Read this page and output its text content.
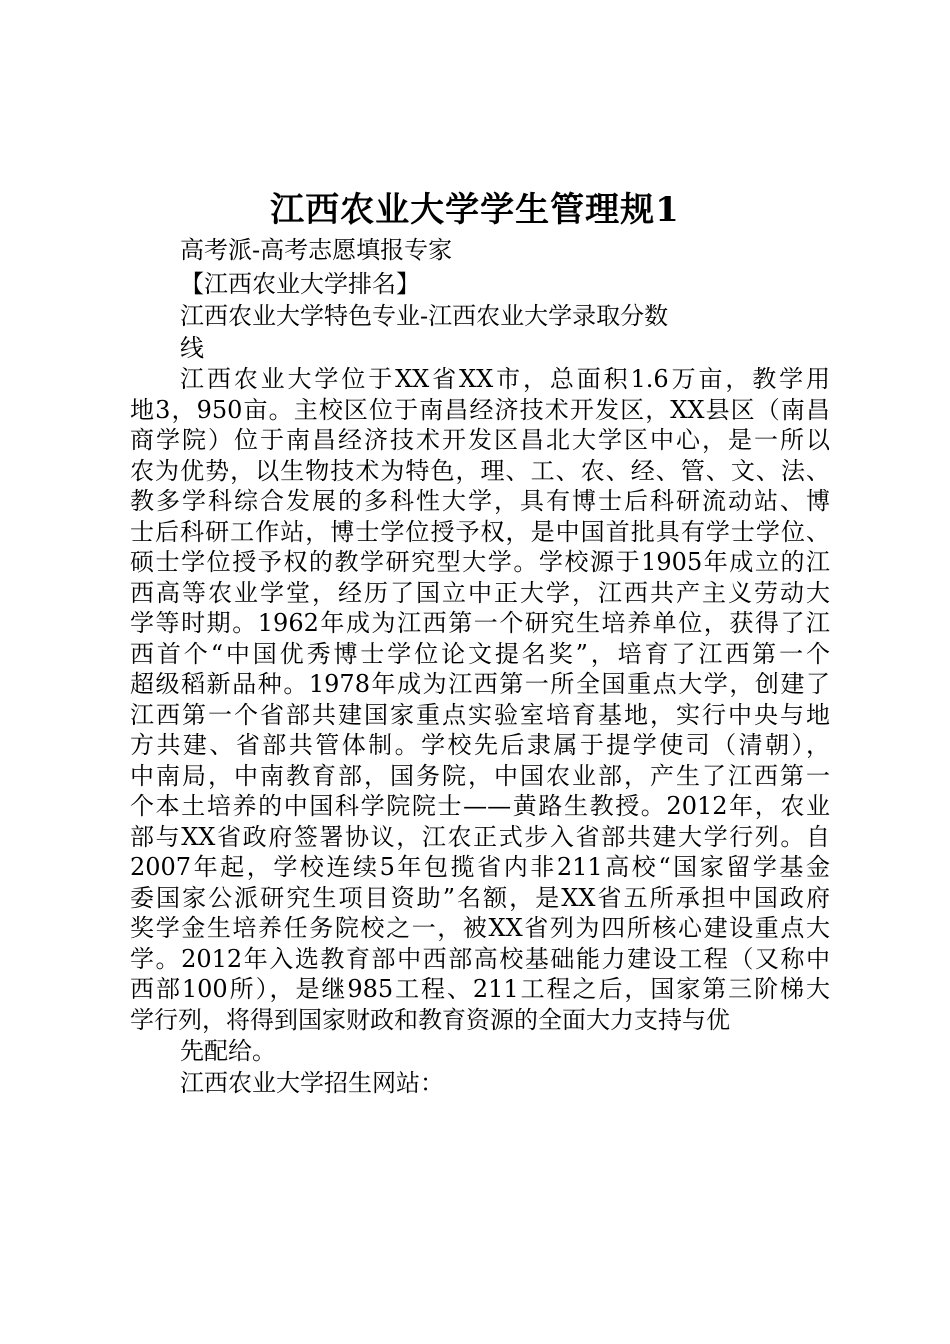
江西农业大学学生管理规1
高考派-高考志愿填报专家
【江西农业大学排名】
江西农业大学特色专业-江西农业大学录取分数
线
江西农业大学位于XX省XX市，总面积1.6万亩，教学用
地3，950亩。主校区位于南昌经济技术开发区，XX县区（南昌
商学院）位于南昌经济技术开发区昌北大学区中心，是一所以
农为优势，以生物技术为特色，理、工、农、经、管、文、法、
教多学科综合发展的多科性大学，具有博士后科研流动站、博
士后科研工作站，博士学位授予权，是中国首批具有学士学位、
硕士学位授予权的教学研究型大学。学校源于1905年成立的江
西高等农业学堂，经历了国立中正大学，江西共产主义劳动大
学等时期。1962年成为江西第一个研究生培养单位，获得了江
西首个“中国优秀博士学位论文提名奖”，培育了江西第一个
超级稻新品种。1978年成为江西第一所全国重点大学，创建了
江西第一个省部共建国家重点实验室培育基地，实行中央与地
方共建、省部共管体制。学校先后隶属于提学使司（清朝），
中南局，中南教育部，国务院，中国农业部，产生了江西第一
个本土培养的中国科学院院士——黄路生教授。2012年，农业
部与XX省政府签署协议，江农正式步入省部共建大学行列。自
2007年起，学校连续5年包揽省内非211高校“国家留学基金
委国家公派研究生项目资助”名额，是XX省五所承担中国政府
奖学金生培养任务院校之一，被XX省列为四所核心建设重点大
学。2012年入选教育部中西部高校基础能力建设工程（又称中
西部100所），是继985工程、211工程之后，国家第三阶梯大
学行列，将得到国家财政和教育资源的全面大力支持与优
先配给。
江西农业大学招生网站：
